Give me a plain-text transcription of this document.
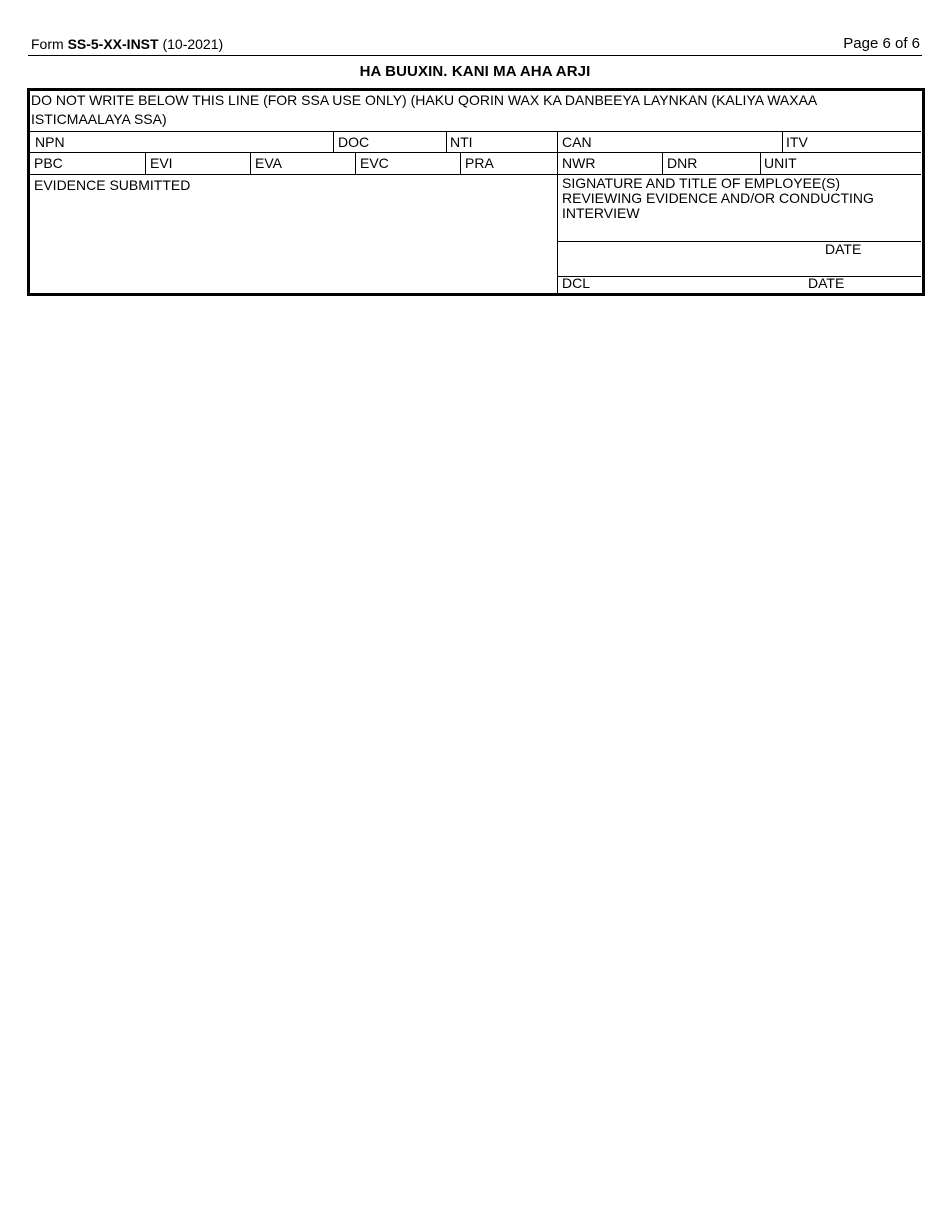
Form SS-5-XX-INST (10-2021)	Page 6 of 6
HA BUUXIN. KANI MA AHA ARJI
DO NOT WRITE BELOW THIS LINE (FOR SSA USE ONLY) (HAKU QORIN WAX KA DANBEEYA LAYNKAN (KALIYA WAXAA ISTICMAALAYA SSA)
NPN	DOC	NTI	CAN	ITV
PBC	EVI	EVA	EVC	PRA	NWR	DNR	UNIT
EVIDENCE SUBMITTED	SIGNATURE AND TITLE OF EMPLOYEE(S) REVIEWING EVIDENCE AND/OR CONDUCTING INTERVIEW
DATE
DCL	DATE
